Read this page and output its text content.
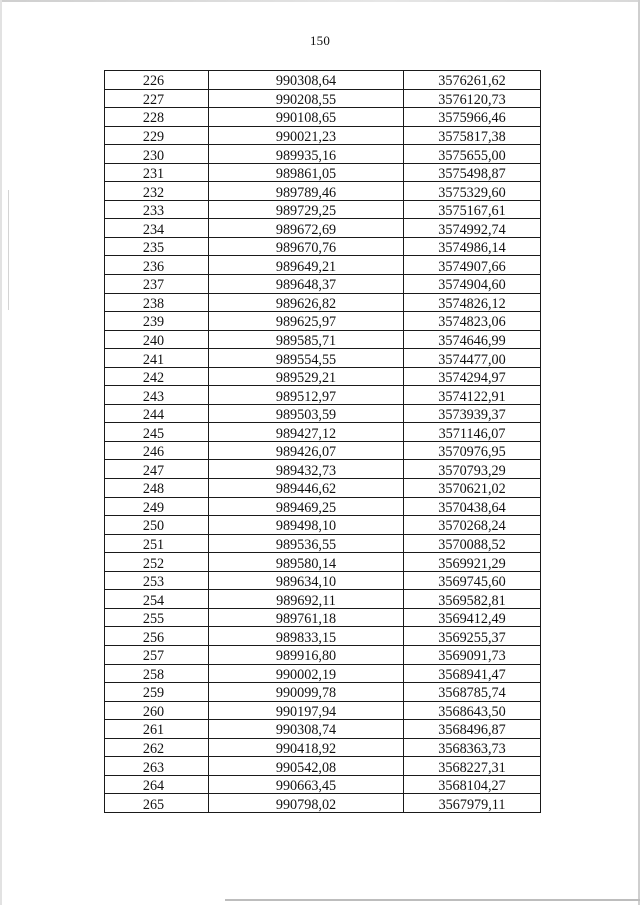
150
226	990308,64	3576261,62
227	990208,55	3576120,73
228	990108,65	3575966,46
229	990021,23	3575817,38
230	989935,16	3575655,00
231	989861,05	3575498,87
232	989789,46	3575329,60
233	989729,25	3575167,61
234	989672,69	3574992,74
235	989670,76	3574986,14
236	989649,21	3574907,66
237	989648,37	3574904,60
238	989626,82	3574826,12
239	989625,97	3574823,06
240	989585,71	3574646,99
241	989554,55	3574477,00
242	989529,21	3574294,97
243	989512,97	3574122,91
244	989503,59	3573939,37
245	989427,12	3571146,07
246	989426,07	3570976,95
247	989432,73	3570793,29
248	989446,62	3570621,02
249	989469,25	3570438,64
250	989498,10	3570268,24
251	989536,55	3570088,52
252	989580,14	3569921,29
253	989634,10	3569745,60
254	989692,11	3569582,81
255	989761,18	3569412,49
256	989833,15	3569255,37
257	989916,80	3569091,73
258	990002,19	3568941,47
259	990099,78	3568785,74
260	990197,94	3568643,50
261	990308,74	3568496,87
262	990418,92	3568363,73
263	990542,08	3568227,31
264	990663,45	3568104,27
265	990798,02	3567979,11
